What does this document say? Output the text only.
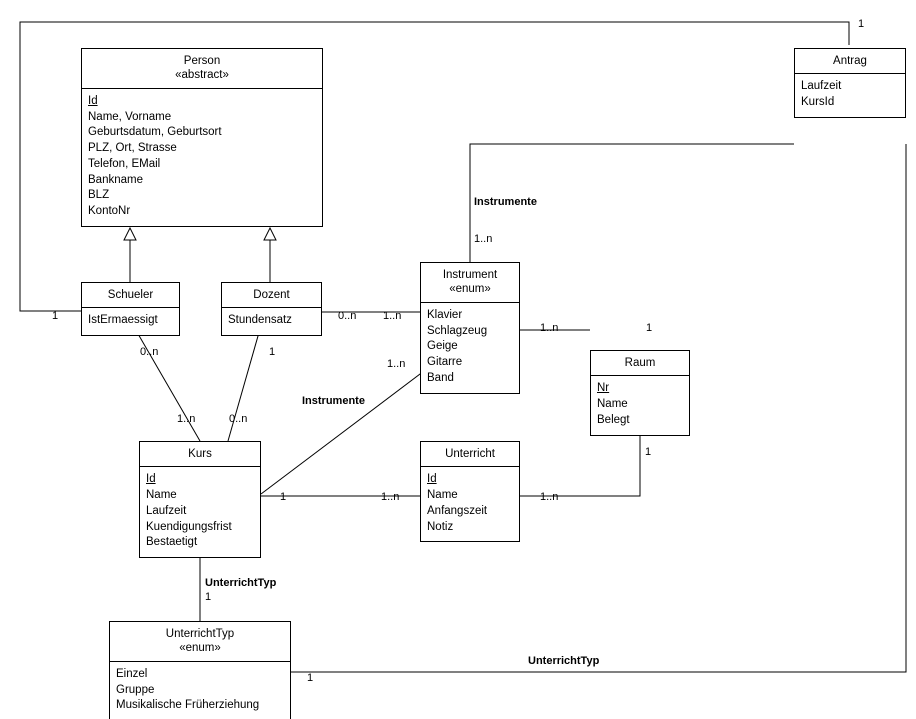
Person
«abstract»
Id
Name, Vorname
Geburtsdatum, Geburtsort
PLZ, Ort, Strasse
Telefon, EMail
Bankname
BLZ
KontoNr
Antrag
Laufzeit
KursId
Schueler
IstErmaessigt
Dozent
Stundensatz
Instrument
«enum»
Klavier
Schlagzeug
Geige
Gitarre
Band
Raum
Nr
Name
Belegt
Kurs
Id
Name
Laufzeit
Kuendigungsfrist
Bestaetigt
Unterricht
Id
Name
Anfangszeit
Notiz
UnterrichtTyp
«enum»
Einzel
Gruppe
Musikalische Früherziehung
1
1
Instrumente
1..n
0..n 1..n
1..n	1
0..n	1
1..n	0..n
Instrumente
1..n
1	1..n	1..n
1
UnterrichtTyp
1
UnterrichtTyp
1
